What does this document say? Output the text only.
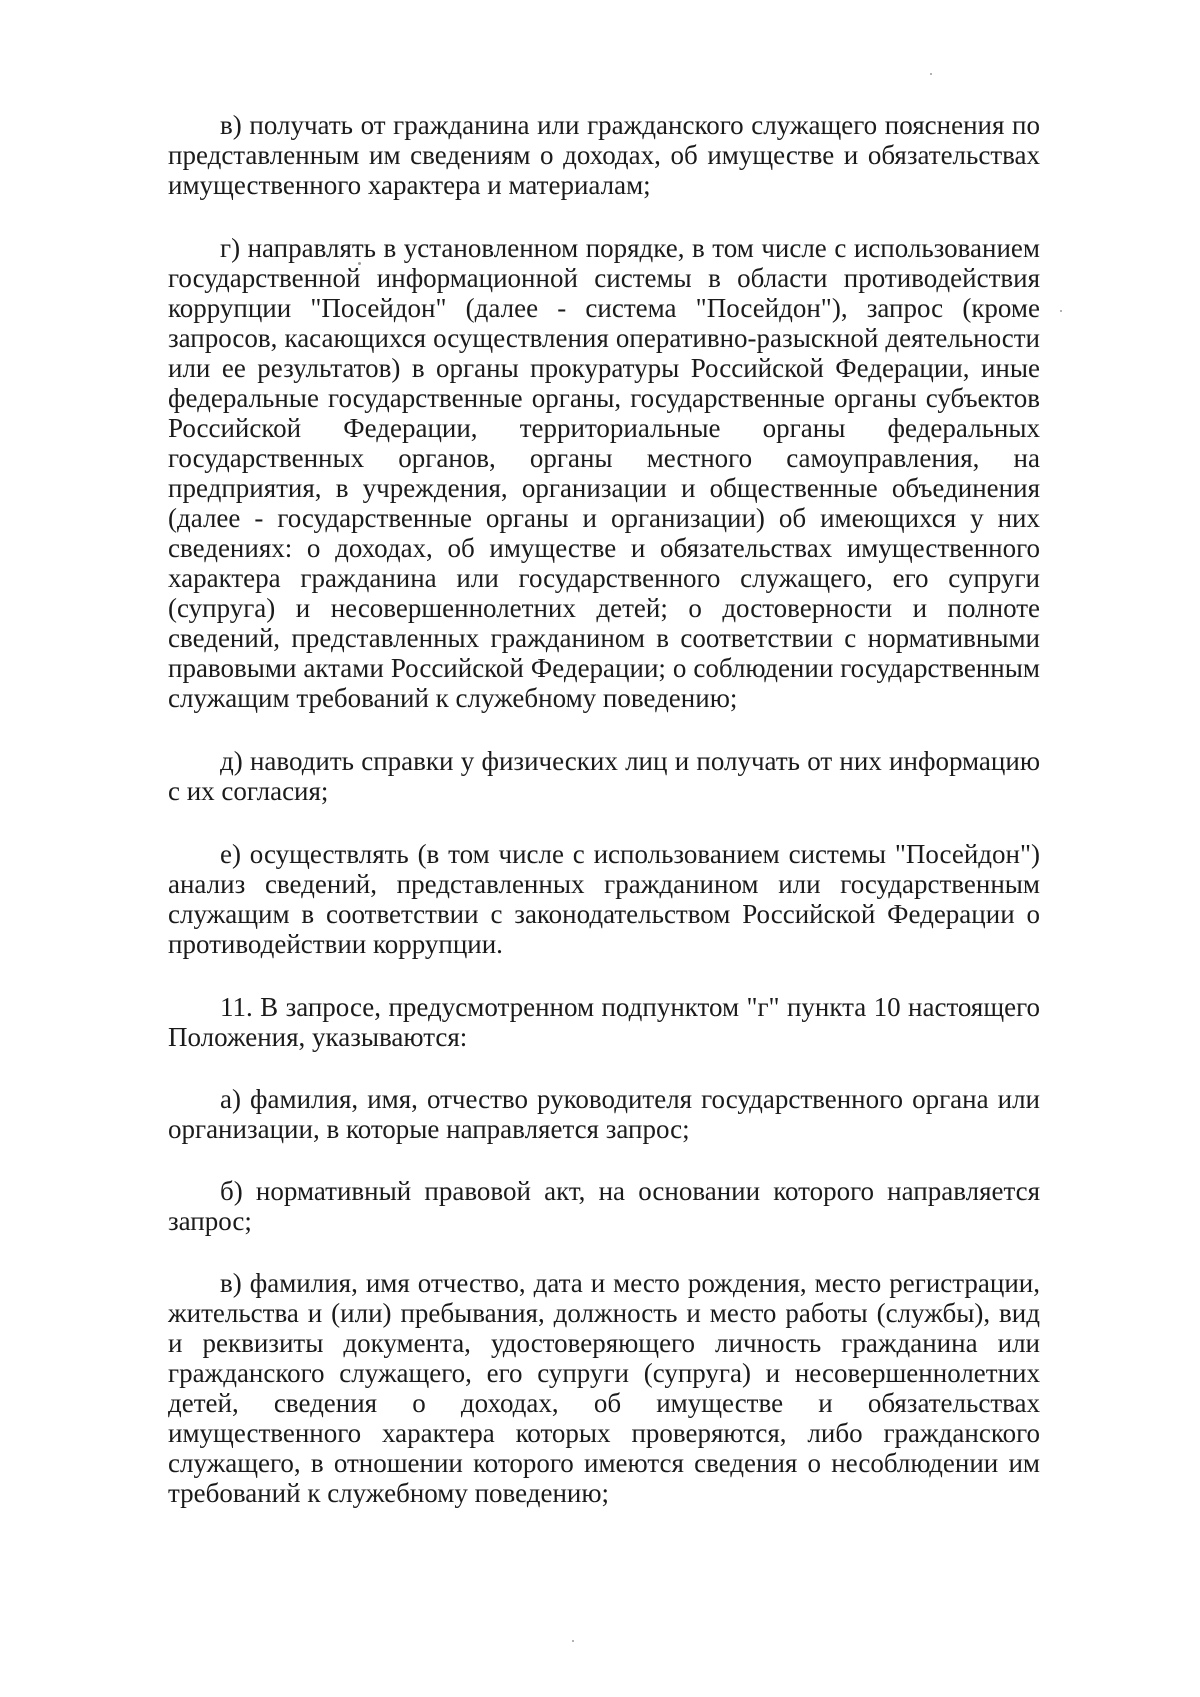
в) получать от гражданина или гражданского служащего пояснения по представленным им сведениям о доходах, об имуществе и обязательствах имущественного характера и материалам;

г) направлять в установленном порядке, в том числе с использованием государственной информационной системы в области противодействия коррупции "Посейдон" (далее - система "Посейдон"), запрос (кроме запросов, касающихся осуществления оперативно-разыскной деятельности или ее результатов) в органы прокуратуры Российской Федерации, иные федеральные государственные органы, государственные органы субъектов Российской Федерации, территориальные органы федеральных государственных органов, органы местного самоуправления, на предприятия, в учреждения, организации и общественные объединения (далее - государственные органы и организации) об имеющихся у них сведениях: о доходах, об имуществе и обязательствах имущественного характера гражданина или государственного служащего, его супруги (супруга) и несовершеннолетних детей; о достоверности и полноте сведений, представленных гражданином в соответствии с нормативными правовыми актами Российской Федерации; о соблюдении государственным служащим требований к служебному поведению;

д) наводить справки у физических лиц и получать от них информацию с их согласия;

е) осуществлять (в том числе с использованием системы "Посейдон") анализ сведений, представленных гражданином или государственным служащим в соответствии с законодательством Российской Федерации о противодействии коррупции.

11. В запросе, предусмотренном подпунктом "г" пункта 10 настоящего Положения, указываются:

а) фамилия, имя, отчество руководителя государственного органа или организации, в которые направляется запрос;

б) нормативный правовой акт, на основании которого направляется запрос;

в) фамилия, имя отчество, дата и место рождения, место регистрации, жительства и (или) пребывания, должность и место работы (службы), вид и реквизиты документа, удостоверяющего личность гражданина или гражданского служащего, его супруги (супруга) и несовершеннолетних детей, сведения о доходах, об имуществе и обязательствах имущественного характера которых проверяются, либо гражданского служащего, в отношении которого имеются сведения о несоблюдении им требований к служебному поведению;
